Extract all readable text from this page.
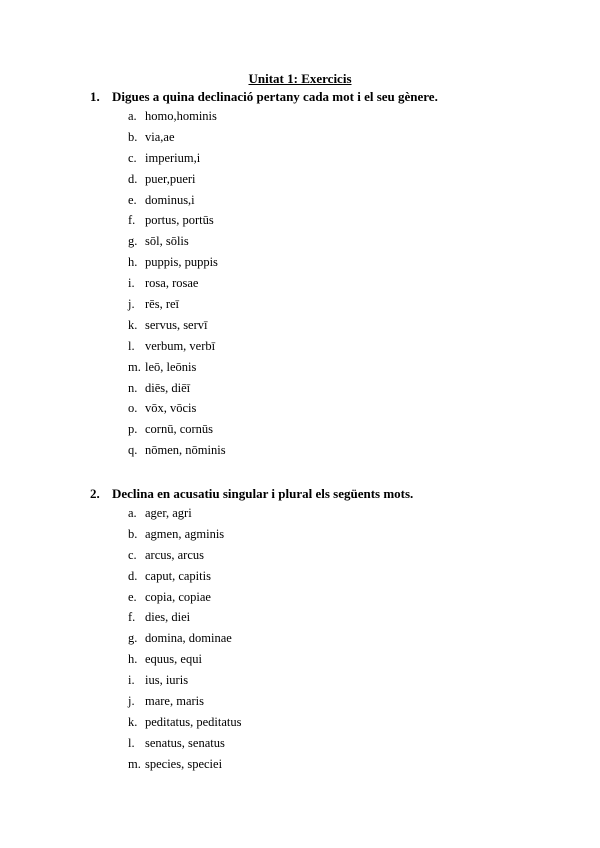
Unitat 1: Exercicis
1. Digues a quina declinació pertany cada mot i el seu gènere.
a. homo,hominis
b. via,ae
c. imperium,i
d. puer,pueri
e. dominus,i
f. portus, portūs
g. sōl, sōlis
h. puppis, puppis
i. rosa, rosae
j. rēs, reī
k. servus, servī
l. verbum, verbī
m. leō, leōnis
n. diēs, diēī
o. vōx, vōcis
p. cornū, cornūs
q. nōmen, nōminis
2. Declina en acusatiu singular i plural els següents mots.
a. ager, agri
b. agmen, agminis
c. arcus, arcus
d. caput, capitis
e. copia, copiae
f. dies, diei
g. domina, dominae
h. equus, equi
i. ius, iuris
j. mare, maris
k. peditatus, peditatus
l. senatus, senatus
m. species, speciei
